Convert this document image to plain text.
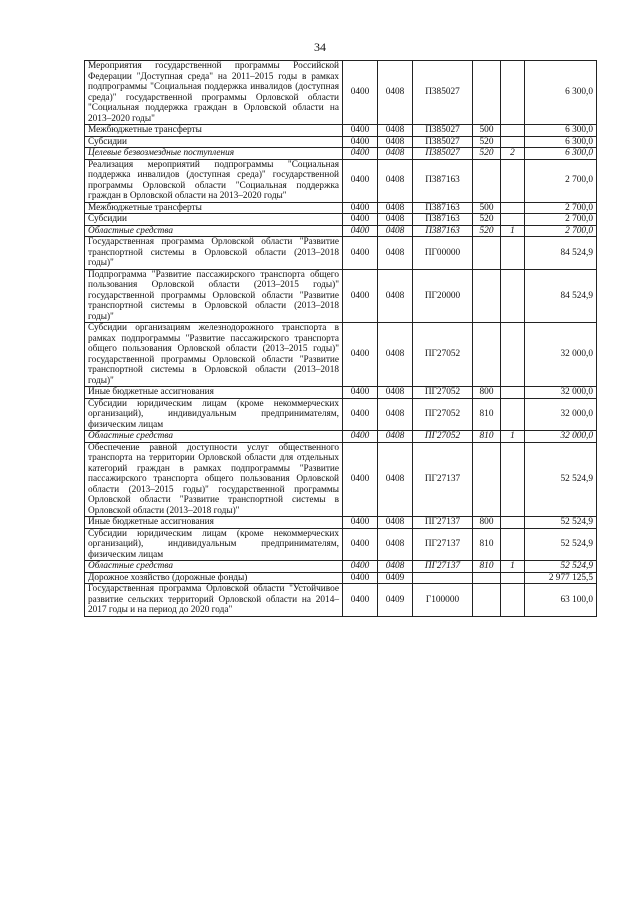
34
Мероприятия государственной программы Российской Федерации "Доступная среда" на 2011–2015 годы в рамках подпрограммы "Социальная поддержка инвалидов (доступная среда)" государственной программы Орловской области "Социальная поддержка граждан в Орловской области на 2013–2020 годы"	0400	0408	П385027			6 300,0
Межбюджетные трансферты	0400	0408	П385027	500		6 300,0
Субсидии	0400	0408	П385027	520		6 300,0
Целевые безвозмездные поступления	0400	0408	П385027	520	2	6 300,0
Реализация мероприятий подпрограммы "Социальная поддержка инвалидов (доступная среда)" государственной программы Орловской области "Социальная поддержка граждан в Орловской области на 2013–2020 годы"	0400	0408	П387163			2 700,0
Межбюджетные трансферты	0400	0408	П387163	500		2 700,0
Субсидии	0400	0408	П387163	520		2 700,0
Областные средства	0400	0408	П387163	520	1	2 700,0
Государственная программа Орловской области "Развитие транспортной системы в Орловской области (2013–2018 годы)"	0400	0408	ПГ00000			84 524,9
Подпрограмма "Развитие пассажирского транспорта общего пользования Орловской области (2013–2015 годы)" государственной программы Орловской области "Развитие транспортной системы в Орловской области (2013–2018 годы)"	0400	0408	ПГ20000			84 524,9
Субсидии организациям железнодорожного транспорта в рамках подпрограммы "Развитие пассажирского транспорта общего пользования Орловской области (2013–2015 годы)" государственной программы Орловской области "Развитие транспортной системы в Орловской области (2013–2018 годы)"	0400	0408	ПГ27052			32 000,0
Иные бюджетные ассигнования	0400	0408	ПГ27052	800		32 000,0
Субсидии юридическим лицам (кроме некоммерческих организаций), индивидуальным предпринимателям, физическим лицам	0400	0408	ПГ27052	810		32 000,0
Областные средства	0400	0408	ПГ27052	810	1	32 000,0
Обеспечение равной доступности услуг общественного транспорта на территории Орловской области для отдельных категорий граждан в рамках подпрограммы "Развитие пассажирского транспорта общего пользования Орловской области (2013–2015 годы)" государственной программы Орловской области "Развитие транспортной системы в Орловской области (2013–2018 годы)"	0400	0408	ПГ27137			52 524,9
Иные бюджетные ассигнования	0400	0408	ПГ27137	800		52 524,9
Субсидии юридическим лицам (кроме некоммерческих организаций), индивидуальным предпринимателям, физическим лицам	0400	0408	ПГ27137	810		52 524,9
Областные средства	0400	0408	ПГ27137	810	1	52 524,9
Дорожное хозяйство (дорожные фонды)	0400	0409				2 977 125,5
Государственная программа Орловской области "Устойчивое развитие сельских территорий Орловской области на 2014–2017 годы и на период до 2020 года"	0400	0409	Г100000			63 100,0
